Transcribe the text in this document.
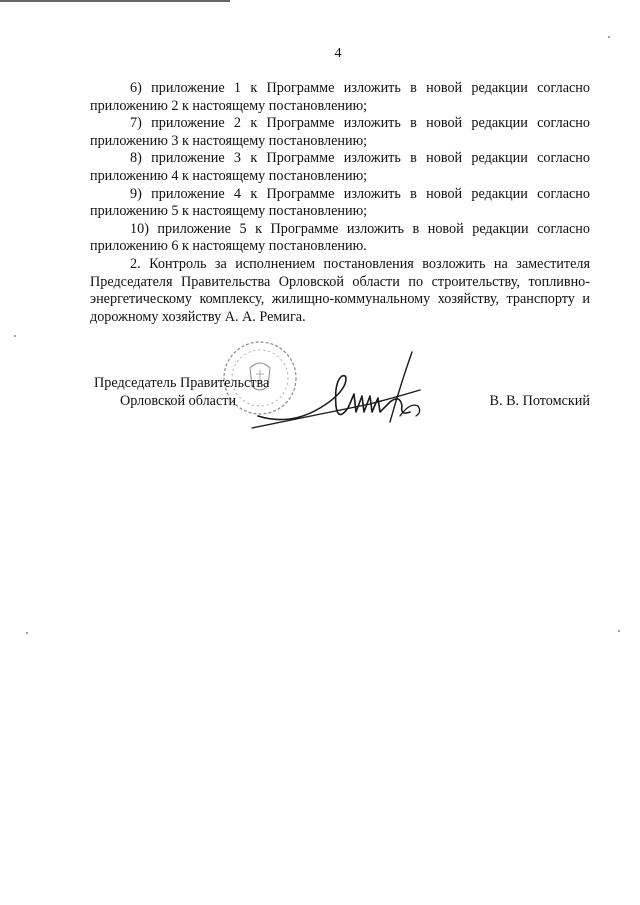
4

6) приложение 1 к Программе изложить в новой редакции согласно приложению 2 к настоящему постановлению;

7) приложение 2 к Программе изложить в новой редакции согласно приложению 3 к настоящему постановлению;

8) приложение 3 к Программе изложить в новой редакции согласно приложению 4 к настоящему постановлению;

9) приложение 4 к Программе изложить в новой редакции согласно приложению 5 к настоящему постановлению;

10) приложение 5 к Программе изложить в новой редакции согласно приложению 6 к настоящему постановлению.

2. Контроль за исполнением постановления возложить на заместителя Председателя Правительства Орловской области по строительству, топливно-энергетическому комплексу, жилищно-коммунальному хозяйству, транспорту и дорожному хозяйству А. А. Ремига.

Председатель Правительства
Орловской области	В. В. Потомский
